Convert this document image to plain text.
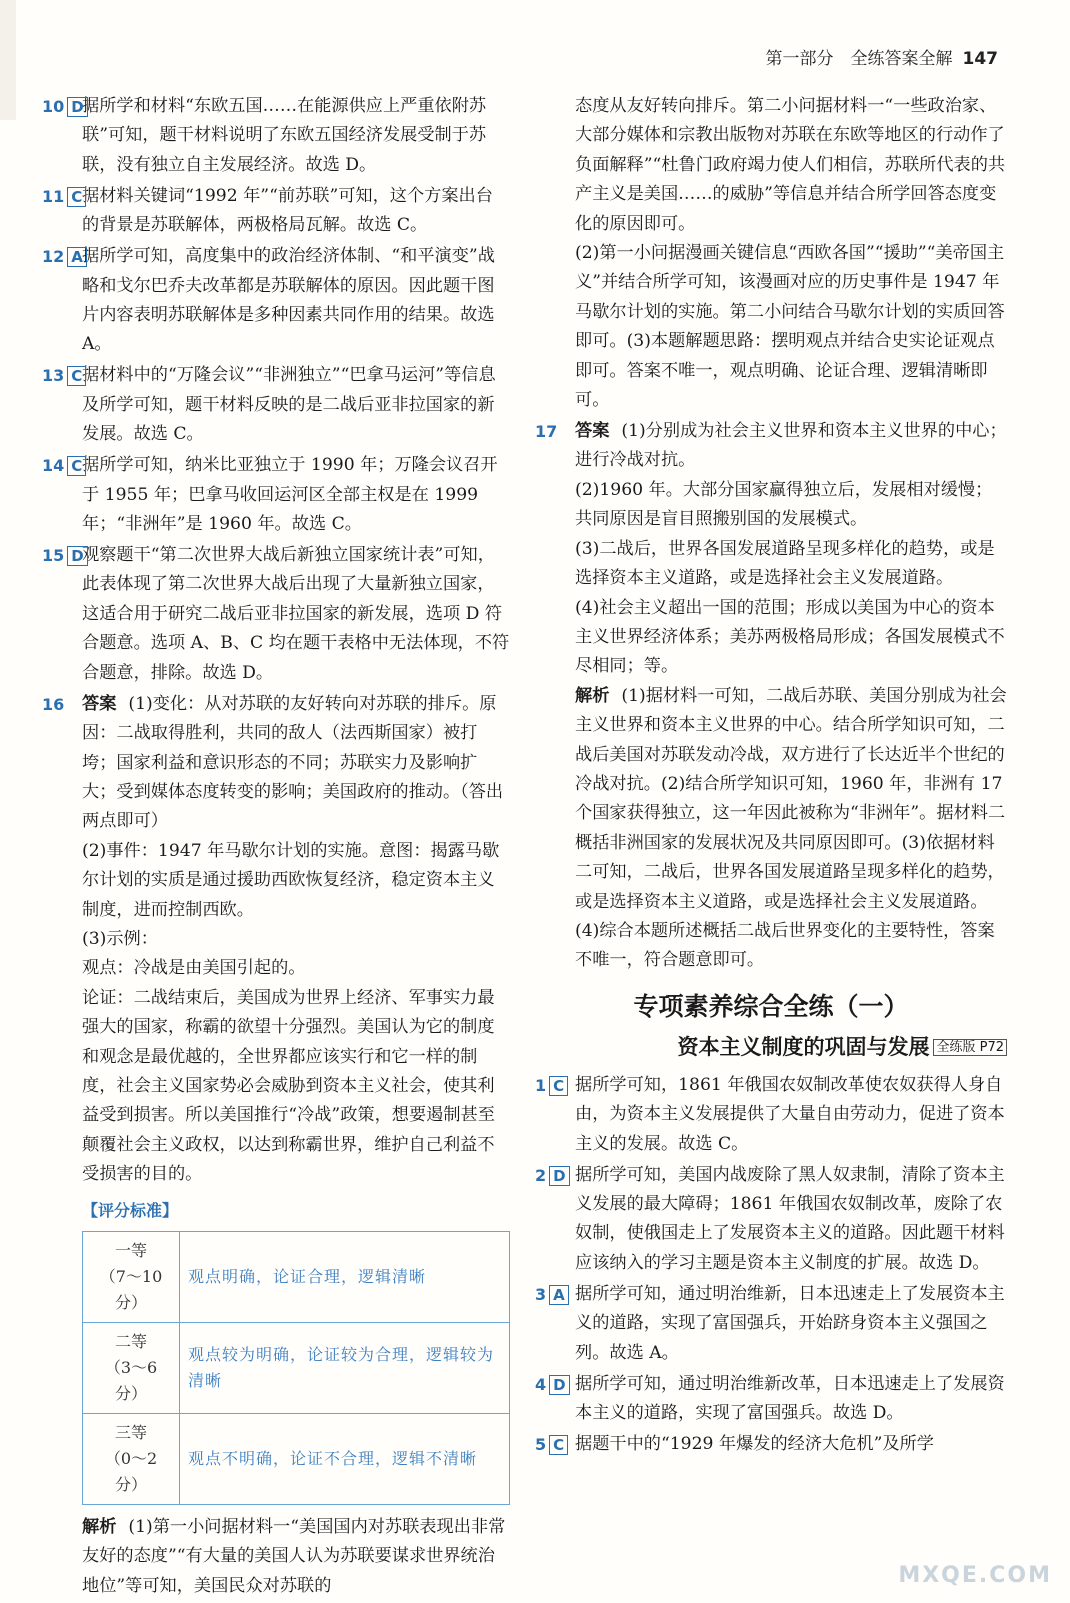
第一部分　全练答案全解 147
10 D
据所学和材料“东欧五国……在能源供应上严重依附苏联”可知，题干材料说明了东欧五国经济发展受制于苏联，没有独立自主发展经济。故选 D。
11 C 据材料关键词“1992 年”“前苏联”可知，这个方案出台的背景是苏联解体，两极格局瓦解。故选 C。
12 A 据所学可知，高度集中的政治经济体制、“和平演变”战略和戈尔巴乔夫改革都是苏联解体的原因。因此题干图片内容表明苏联解体是多种因素共同作用的结果。故选 A。
13 C 据材料中的“万隆会议”“非洲独立”“巴拿马运河”等信息及所学可知，题干材料反映的是二战后亚非拉国家的新发展。故选 C。
14 C 据所学可知，纳米比亚独立于 1990 年；万隆会议召开于 1955 年；巴拿马收回运河区全部主权是在 1999 年；“非洲年”是 1960 年。故选 C。
15 D
观察题干“第二次世界大战后新独立国家统计表”可知，此表体现了第二次世界大战后出现了大量新独立国家，这适合用于研究二战后亚非拉国家的新发展，选项 D 符合题意。选项 A、B、C 均在题干表格中无法体现，不符合题意，排除。故选 D。
16 答案 (1)变化：从对苏联的友好转向对苏联的排斥。原因：二战取得胜利，共同的敌人（法西斯国家）被打垮；国家利益和意识形态的不同；苏联实力及影响扩大；受到媒体态度转变的影响；美国政府的推动。（答出两点即可）

(2)事件：1947 年马歇尔计划的实施。意图：揭露马歇尔计划的实质是通过援助西欧恢复经济，稳定资本主义制度，进而控制西欧。

(3)示例：

观点：冷战是由美国引起的。

论证：二战结束后，美国成为世界上经济、军事实力最强大的国家，称霸的欲望十分强烈。美国认为它的制度和观念是最优越的，全世界都应该实行和它一样的制度，社会主义国家势必会威胁到资本主义社会，使其利益受到损害。所以美国推行“冷战”政策，想要遏制甚至颠覆社会主义政权，以达到称霸世界，维护自己利益不受损害的目的。

【评分标准】
一等
（7～10 分）	观点明确，论证合理，逻辑清晰
二等
（3～6 分）	观点较为明确，论证较为合理，逻辑较为清晰
三等
（0～2 分）	观点不明确，论证不合理，逻辑不清晰

解析 (1)第一小问据材料一“美国国内对苏联表现出非常友好的态度”“有大量的美国人认为苏联要谋求世界统治地位”等可知，美国民众对苏联的

态度从友好转向排斥。第二小问据材料一“一些政治家、大部分媒体和宗教出版物对苏联在东欧等地区的行动作了负面解释”“杜鲁门政府竭力使人们相信，苏联所代表的共产主义是美国……的威胁”等信息并结合所学回答态度变化的原因即可。

(2)第一小问据漫画关键信息“西欧各国”“援助”“美帝国主义”并结合所学可知，该漫画对应的历史事件是 1947 年马歇尔计划的实施。第二小问结合马歇尔计划的实质回答即可。(3)本题解题思路：摆明观点并结合史实论证观点即可。答案不唯一，观点明确、论证合理、逻辑清晰即可。

17 答案 (1)分别成为社会主义世界和资本主义世界的中心；进行冷战对抗。

(2)1960 年。大部分国家赢得独立后，发展相对缓慢；共同原因是盲目照搬别国的发展模式。

(3)二战后，世界各国发展道路呈现多样化的趋势，或是选择资本主义道路，或是选择社会主义发展道路。

(4)社会主义超出一国的范围；形成以美国为中心的资本主义世界经济体系；美苏两极格局形成；各国发展模式不尽相同；等。

解析 (1)据材料一可知，二战后苏联、美国分别成为社会主义世界和资本主义世界的中心。结合所学知识可知，二战后美国对苏联发动冷战，双方进行了长达近半个世纪的冷战对抗。(2)结合所学知识可知，1960 年，非洲有 17 个国家获得独立，这一年因此被称为“非洲年”。据材料二概括非洲国家的发展状况及共同原因即可。(3)依据材料二可知，二战后，世界各国发展道路呈现多样化的趋势，或是选择资本主义道路，或是选择社会主义发展道路。(4)综合本题所述概括二战后世界变化的主要特性，答案不唯一，符合题意即可。

专项素养综合全练（一）
资本主义制度的巩固与发展 全练版 P72
1 C 据所学可知，1861 年俄国农奴制改革使农奴获得人身自由，为资本主义发展提供了大量自由劳动力，促进了资本主义的发展。故选 C。
2 D 据所学可知，美国内战废除了黑人奴隶制，清除了资本主义发展的最大障碍；1861 年俄国农奴制改革，废除了农奴制，使俄国走上了发展资本主义的道路。因此题干材料应该纳入的学习主题是资本主义制度的扩展。故选 D。
3 A 据所学可知，通过明治维新，日本迅速走上了发展资本主义的道路，实现了富国强兵，开始跻身资本主义强国之列。故选 A。
4 D 据所学可知，通过明治维新改革，日本迅速走上了发展资本主义的道路，实现了富国强兵。故选 D。
5 C 据题干中的“1929 年爆发的经济大危机”及所学
MXQE.COM
